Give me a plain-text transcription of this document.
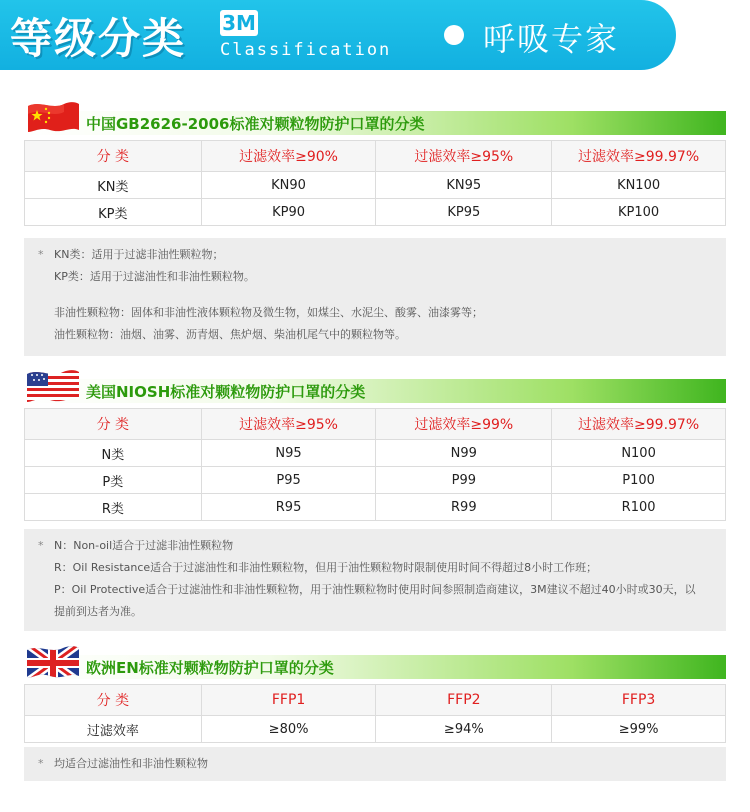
等级分类 3M
Classification	呼吸专家
中国GB2626-2006标准对颗粒物防护口罩的分类
分 类	过滤效率≥90%	过滤效率≥95%	过滤效率≥99.97%
KN类	KN90	KN95	KN100
KP类	KP90	KP95	KP100
* KN类：适用于过滤非油性颗粒物；
KP类：适用于过滤油性和非油性颗粒物。
非油性颗粒物：固体和非油性液体颗粒物及微生物，如煤尘、水泥尘、酸雾、油漆雾等；
油性颗粒物：油烟、油雾、沥青烟、焦炉烟、柴油机尾气中的颗粒物等。
美国NIOSH标准对颗粒物防护口罩的分类
分 类	过滤效率≥95%	过滤效率≥99%	过滤效率≥99.97%
N类	N95	N99	N100
P类	P95	P99	P100
R类	R95	R99	R100
* N：Non-oil适合于过滤非油性颗粒物
R：Oil Resistance适合于过滤油性和非油性颗粒物，但用于油性颗粒物时限制使用时间不得超过8小时工作班；
P：Oil Protective适合于过滤油性和非油性颗粒物，用于油性颗粒物时使用时间参照制造商建议，3M建议不超过40小时或30天，以提前到达者为准。
欧洲EN标准对颗粒物防护口罩的分类
分 类	FFP1	FFP2	FFP3
过滤效率	≥80%	≥94%	≥99%
* 均适合过滤油性和非油性颗粒物
